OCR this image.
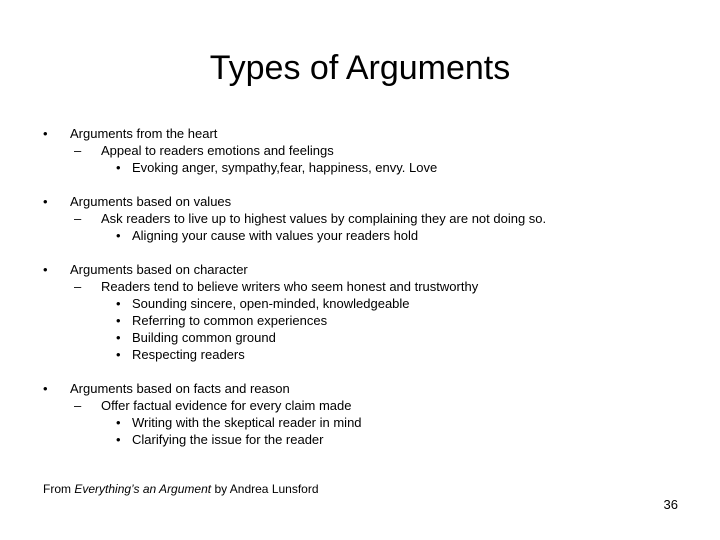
Types of Arguments
• Arguments from the heart
– Appeal to readers emotions and feelings
• Evoking anger, sympathy,fear, happiness, envy. Love
• Arguments based on values
– Ask readers to live up to highest values by complaining they are not doing so.
• Aligning your cause with values your readers hold
• Arguments based on character
– Readers tend to believe writers who seem honest and trustworthy
• Sounding sincere, open-minded, knowledgeable
• Referring to common experiences
• Building common ground
• Respecting readers
• Arguments based on facts and reason
– Offer factual evidence for every claim made
• Writing with the skeptical reader in mind
• Clarifying the issue for the reader
From Everything’s an Argument by Andrea Lunsford
36
